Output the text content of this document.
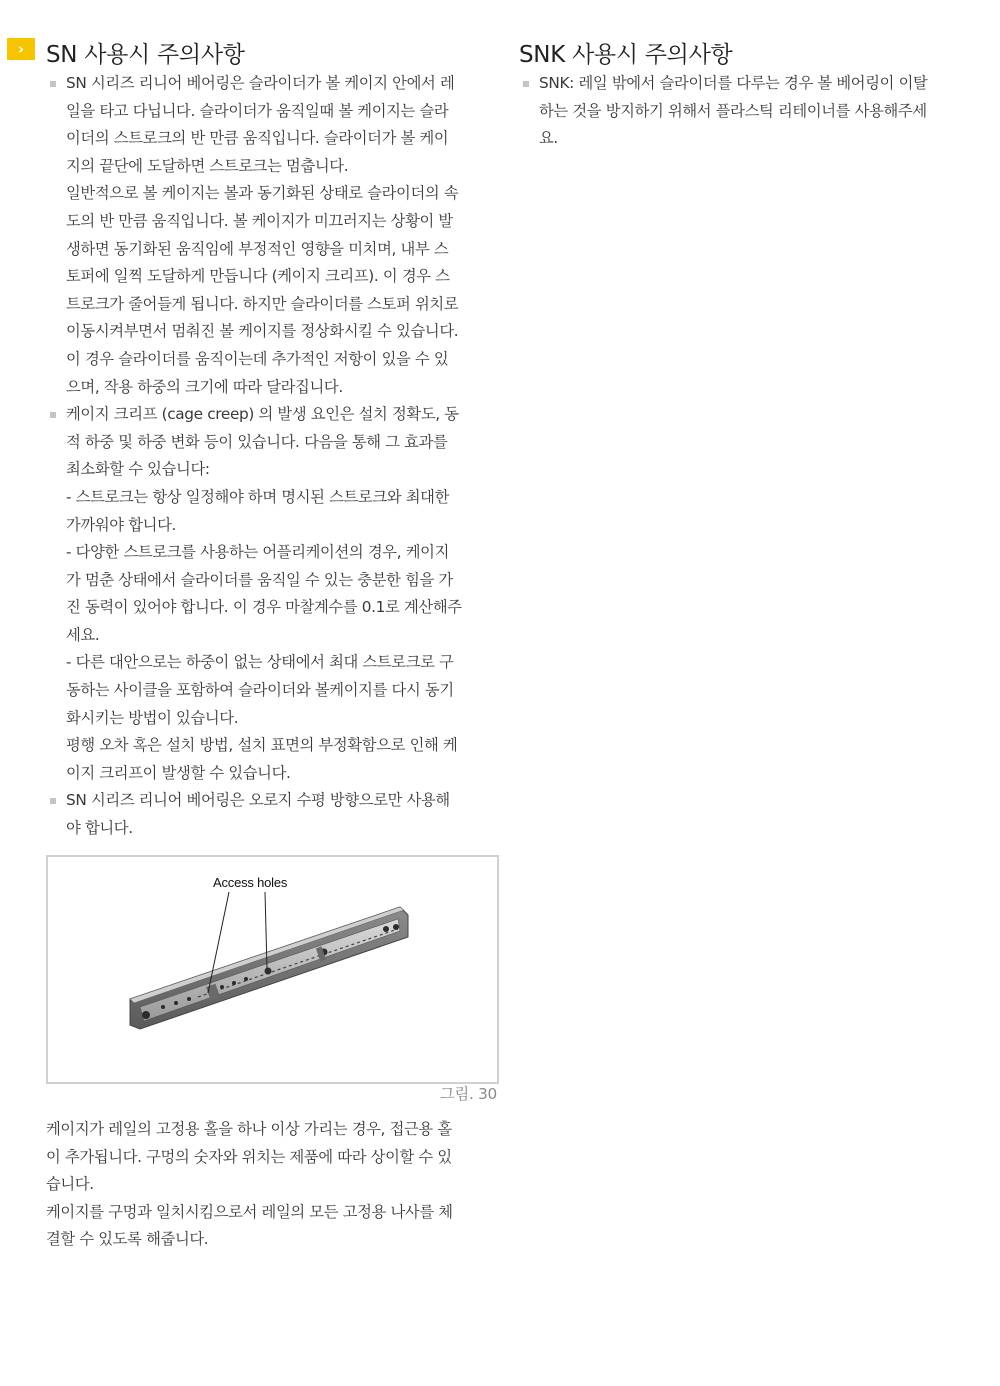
› SN 사용시 주의사항

SN 시리즈 리니어 베어링은 슬라이더가 볼 케이지 안에서 레

일을 타고 다닙니다. 슬라이더가 움직일때 볼 케이지는 슬라

이더의 스트로크의 반 만큼 움직입니다. 슬라이더가 볼 케이

지의 끝단에 도달하면 스트로크는 멈춥니다.

일반적으로 볼 케이지는 볼과 동기화된 상태로 슬라이더의 속

도의 반 만큼 움직입니다. 볼 케이지가 미끄러지는 상황이 발

생하면 동기화된 움직임에 부정적인 영향을 미치며, 내부 스

토퍼에 일찍 도달하게 만듭니다 (케이지 크리프). 이 경우 스

트로크가 줄어들게 됩니다. 하지만 슬라이더를 스토퍼 위치로

이동시켜부면서 멈춰진 볼 케이지를 정상화시킬 수 있습니다.

이 경우 슬라이더를 움직이는데 추가적인 저항이 있을 수 있

으며, 작용 하중의 크기에 따라 달라집니다.

케이지 크리프 (cage creep) 의 발생 요인은 설치 정확도, 동

적 하중 및 하중 변화 등이 있습니다. 다음을 통해 그 효과를

최소화할 수 있습니다:

- 스트로크는 항상 일정해야 하며 명시된 스트로크와 최대한

가까워야 합니다.

- 다양한 스트로크를 사용하는 어플리케이션의 경우, 케이지

가 멈춘 상태에서 슬라이더를 움직일 수 있는 충분한 힘을 가

진 동력이 있어야 합니다. 이 경우 마찰계수를 0.1로 계산해주

세요.

- 다른 대안으로는 하중이 없는 상태에서 최대 스트로크로 구

동하는 사이클을 포함하여 슬라이더와 볼케이지를 다시 동기

화시키는 방법이 있습니다.

평행 오차 혹은 설치 방법, 설치 표면의 부정확함으로 인해 케

이지 크리프이 발생할 수 있습니다.

SN 시리즈 리니어 베어링은 오로지 수평 방향으로만 사용해

야 합니다.

Access holes
그림. 30

케이지가 레일의 고정용 홀을 하나 이상 가리는 경우, 접근용 홀

이 추가됩니다. 구멍의 숫자와 위치는 제품에 따라 상이할 수 있

습니다.

케이지를 구멍과 일치시킴으로서 레일의 모든 고정용 나사를 체

결할 수 있도록 해줍니다.

SNK 사용시 주의사항

SNK: 레일 밖에서 슬라이더를 다루는 경우 볼 베어링이 이탈

하는 것을 방지하기 위해서 플라스틱 리테이너를 사용해주세

요.
